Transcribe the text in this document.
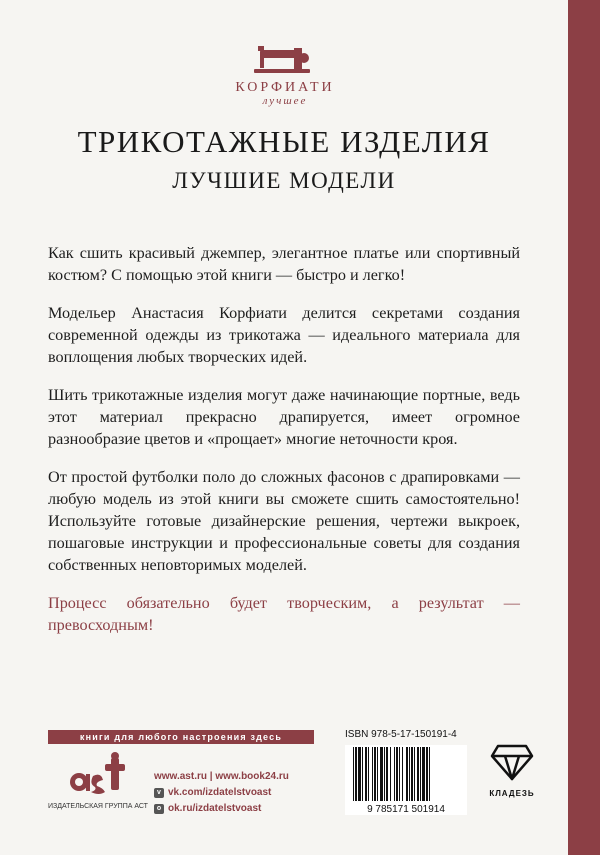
КОРФИАТИ
лучшее
ТРИКОТАЖНЫЕ ИЗДЕЛИЯ
ЛУЧШИЕ МОДЕЛИ

Как сшить красивый джемпер, элегантное платье или спортивный костюм? С помощью этой книги — быстро и легко!

Модельер Анастасия Корфиати делится секретами создания современной одежды из трикотажа — идеального материала для воплощения любых творческих идей.

Шить трикотажные изделия могут даже начинающие портные, ведь этот материал прекрасно драпируется, имеет огромное разнообразие цветов и «прощает» многие неточности кроя.

От простой футболки поло до сложных фасонов с драпировками — любую модель из этой книги вы сможете сшить самостоятельно! Используйте готовые дизайнерские решения, чертежи выкроек, пошаговые инструкции и профессиональные советы для создания собственных неповторимых моделей.

Процесс обязательно будет творческим, а результат — превосходным!

книги для любого настроения здесь
ИЗДАТЕЛЬСКАЯ ГРУППА АСТ
www.ast.ru | www.book24.ru
v vk.com/izdatelstvoast
o ok.ru/izdatelstvoast
ISBN 978-5-17-150191-4
9 785171 501914
КЛАДЕЗЬ
